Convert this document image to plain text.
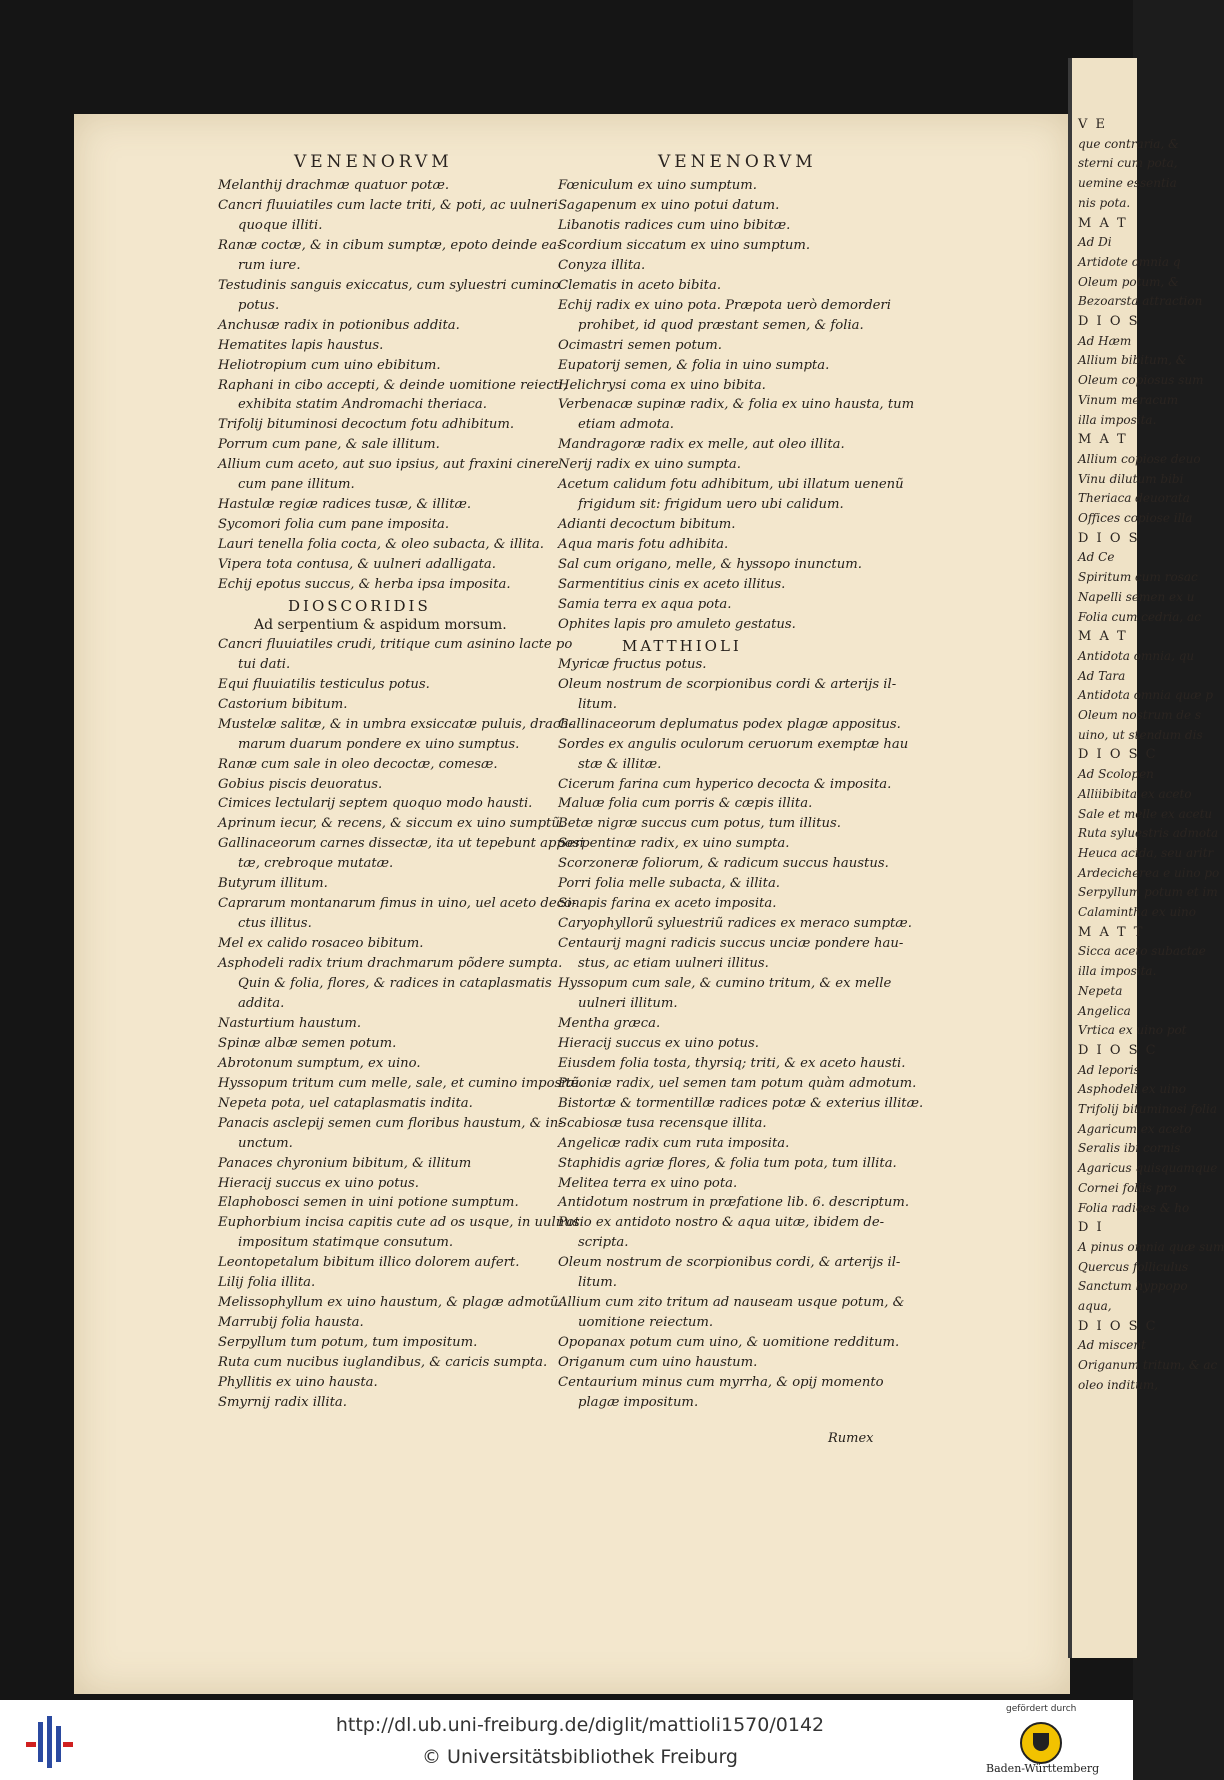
VENENORVM	VENENORVM
Melanthij drachmæ quatuor potæ.
Cancri fluuiatiles cum lacte triti, & poti, ac uulneri
quoque illiti.
Ranæ coctæ, & in cibum sumptæ, epoto deinde ea-
rum iure.
Testudinis sanguis exiccatus, cum syluestri cumino
potus.
Anchusæ radix in potionibus addita.
Hematites lapis haustus.
Heliotropium cum uino ebibitum.
Raphani in cibo accepti, & deinde uomitione reiecti,
exhibita statim Andromachi theriaca.
Trifolij bituminosi decoctum fotu adhibitum.
Porrum cum pane, & sale illitum.
Allium cum aceto, aut suo ipsius, aut fraxini cinere
cum pane illitum.
Hastulæ regiæ radices tusæ, & illitæ.
Sycomori folia cum pane imposita.
Lauri tenella folia cocta, & oleo subacta, & illita.
Vipera tota contusa, & uulneri adalligata.
Echij epotus succus, & herba ipsa imposita.
DIOSCORIDIS
Ad serpentium & aspidum morsum.
Cancri fluuiatiles crudi, tritique cum asinino lacte po
tui dati.
Equi fluuiatilis testiculus potus.
Castorium bibitum.
Mustelæ salitæ, & in umbra exsiccatæ puluis, drach-
marum duarum pondere ex uino sumptus.
Ranæ cum sale in oleo decoctæ, comesæ.
Gobius piscis deuoratus.
Cimices lectularij septem quoquo modo hausti.
Aprinum iecur, & recens, & siccum ex uino sumptũ.
Gallinaceorum carnes dissectæ, ita ut tepebunt apposi
tæ, crebroque mutatæ.
Butyrum illitum.
Caprarum montanarum fimus in uino, uel aceto deco-
ctus illitus.
Mel ex calido rosaceo bibitum.
Asphodeli radix trium drachmarum põdere sumpta.
Quin & folia, flores, & radices in cataplasmatis
addita.
Nasturtium haustum.
Spinæ albæ semen potum.
Abrotonum sumptum, ex uino.
Hyssopum tritum cum melle, sale, et cumino impositũ.
Nepeta pota, uel cataplasmatis indita.
Panacis asclepij semen cum floribus haustum, & in-
unctum.
Panaces chyronium bibitum, & illitum
Hieracij succus ex uino potus.
Elaphobosci semen in uini potione sumptum.
Euphorbium incisa capitis cute ad os usque, in uulnus
impositum statimque consutum.
Leontopetalum bibitum illico dolorem aufert.
Lilij folia illita.
Melissophyllum ex uino haustum, & plagæ admotũ.
Marrubij folia hausta.
Serpyllum tum potum, tum impositum.
Ruta cum nucibus iuglandibus, & caricis sumpta.
Phyllitis ex uino hausta.
Smyrnij radix illita.
Fœniculum ex uino sumptum.
Sagapenum ex uino potui datum.
Libanotis radices cum uino bibitæ.
Scordium siccatum ex uino sumptum.
Conyza illita.
Clematis in aceto bibita.
Echij radix ex uino pota. Præpota uerò demorderi
prohibet, id quod præstant semen, & folia.
Ocimastri semen potum.
Eupatorij semen, & folia in uino sumpta.
Helichrysi coma ex uino bibita.
Verbenacæ supinæ radix, & folia ex uino hausta, tum
etiam admota.
Mandragoræ radix ex melle, aut oleo illita.
Nerij radix ex uino sumpta.
Acetum calidum fotu adhibitum, ubi illatum uenenũ
frigidum sit: frigidum uero ubi calidum.
Adianti decoctum bibitum.
Aqua maris fotu adhibita.
Sal cum origano, melle, & hyssopo inunctum.
Sarmentitius cinis ex aceto illitus.
Samia terra ex aqua pota.
Ophites lapis pro amuleto gestatus.
MATTHIOLI
Myricæ fructus potus.
Oleum nostrum de scorpionibus cordi & arterijs il-
litum.
Gallinaceorum deplumatus podex plagæ appositus.
Sordes ex angulis oculorum ceruorum exemptæ hau
stæ & illitæ.
Cicerum farina cum hyperico decocta & imposita.
Maluæ folia cum porris & cæpis illita.
Betæ nigræ succus cum potus, tum illitus.
Serpentinæ radix, ex uino sumpta.
Scorzoneræ foliorum, & radicum succus haustus.
Porri folia melle subacta, & illita.
Sinapis farina ex aceto imposita.
Caryophyllorũ syluestriũ radices ex meraco sumptæ.
Centaurij magni radicis succus unciæ pondere hau-
stus, ac etiam uulneri illitus.
Hyssopum cum sale, & cumino tritum, & ex melle
uulneri illitum.
Mentha græca.
Hieracij succus ex uino potus.
Eiusdem folia tosta, thyrsiq; triti, & ex aceto hausti.
Pæoniæ radix, uel semen tam potum quàm admotum.
Bistortæ & tormentillæ radices potæ & exterius illitæ.
Scabiosæ tusa recensque illita.
Angelicæ radix cum ruta imposita.
Staphidis agriæ flores, & folia tum pota, tum illita.
Melitea terra ex uino pota.
Antidotum nostrum in præfatione lib. 6. descriptum.
Potio ex antidoto nostro & aqua uitæ, ibidem de-
scripta.
Oleum nostrum de scorpionibus cordi, & arterijs il-
litum.
Allium cum zito tritum ad nauseam usque potum, &
uomitione reiectum.
Opopanax potum cum uino, & uomitione redditum.
Origanum cum uino haustum.
Centaurium minus cum myrrha, & opij momento
plagæ impositum.
Rumex
V E
que contraria, &
sterni cum pota,
uemine essentia
nis pota.
M A T
Ad Di
Artidote omnia q
Oleum potum, &
Bezoarsta attraction
D I O S
Ad Hæm
Allium bibitum, &
Oleum copiosus sum
Vinum meracum
illa imposita.
M A T
Allium copiose deuo
Vinu dilutum bibi
Theriaca deuorata
Offices copiose illa
D I O S
Ad Ce
Spiritum cum rosac
Napelli semen ex u
Folia cum cedria, ac
M A T
Antidota omnia, qu
Ad Tara
Antidota omnia quæ p
Oleum nostrum de s
uino, ut stendum dis
D I O S C
Ad Scolopen
Alliibibita ex aceto
Sale et melle ex acetu
Ruta syluestris admota
Heuca acida, seu aritr
Ardecicherea e uino po
Serpyllum potum et im
Calamintha ex uino
M A T T
Sicca aceto subactae
illa imposita.
Nepeta
Angelica
Vrtica ex uino pot
D I O S C
Ad leporis
Asphodeli ex uino
Trifolij bituminosi folia
Agaricum ex aceto
Seralis ibi cornis
Agaricus quisquamque
Cornei foliis pro
Folia radices & ho
D I
A pinus omnia quæ sum
Quercus folliculus
Sanctum hyppopo
aqua,
D I O S C
Ad miscent
Origanum tritum, & ac
oleo inditum,
http://dl.ub.uni-freiburg.de/diglit/mattioli1570/0142
© Universitätsbibliothek Freiburg
gefördert durch
Baden-Württemberg
